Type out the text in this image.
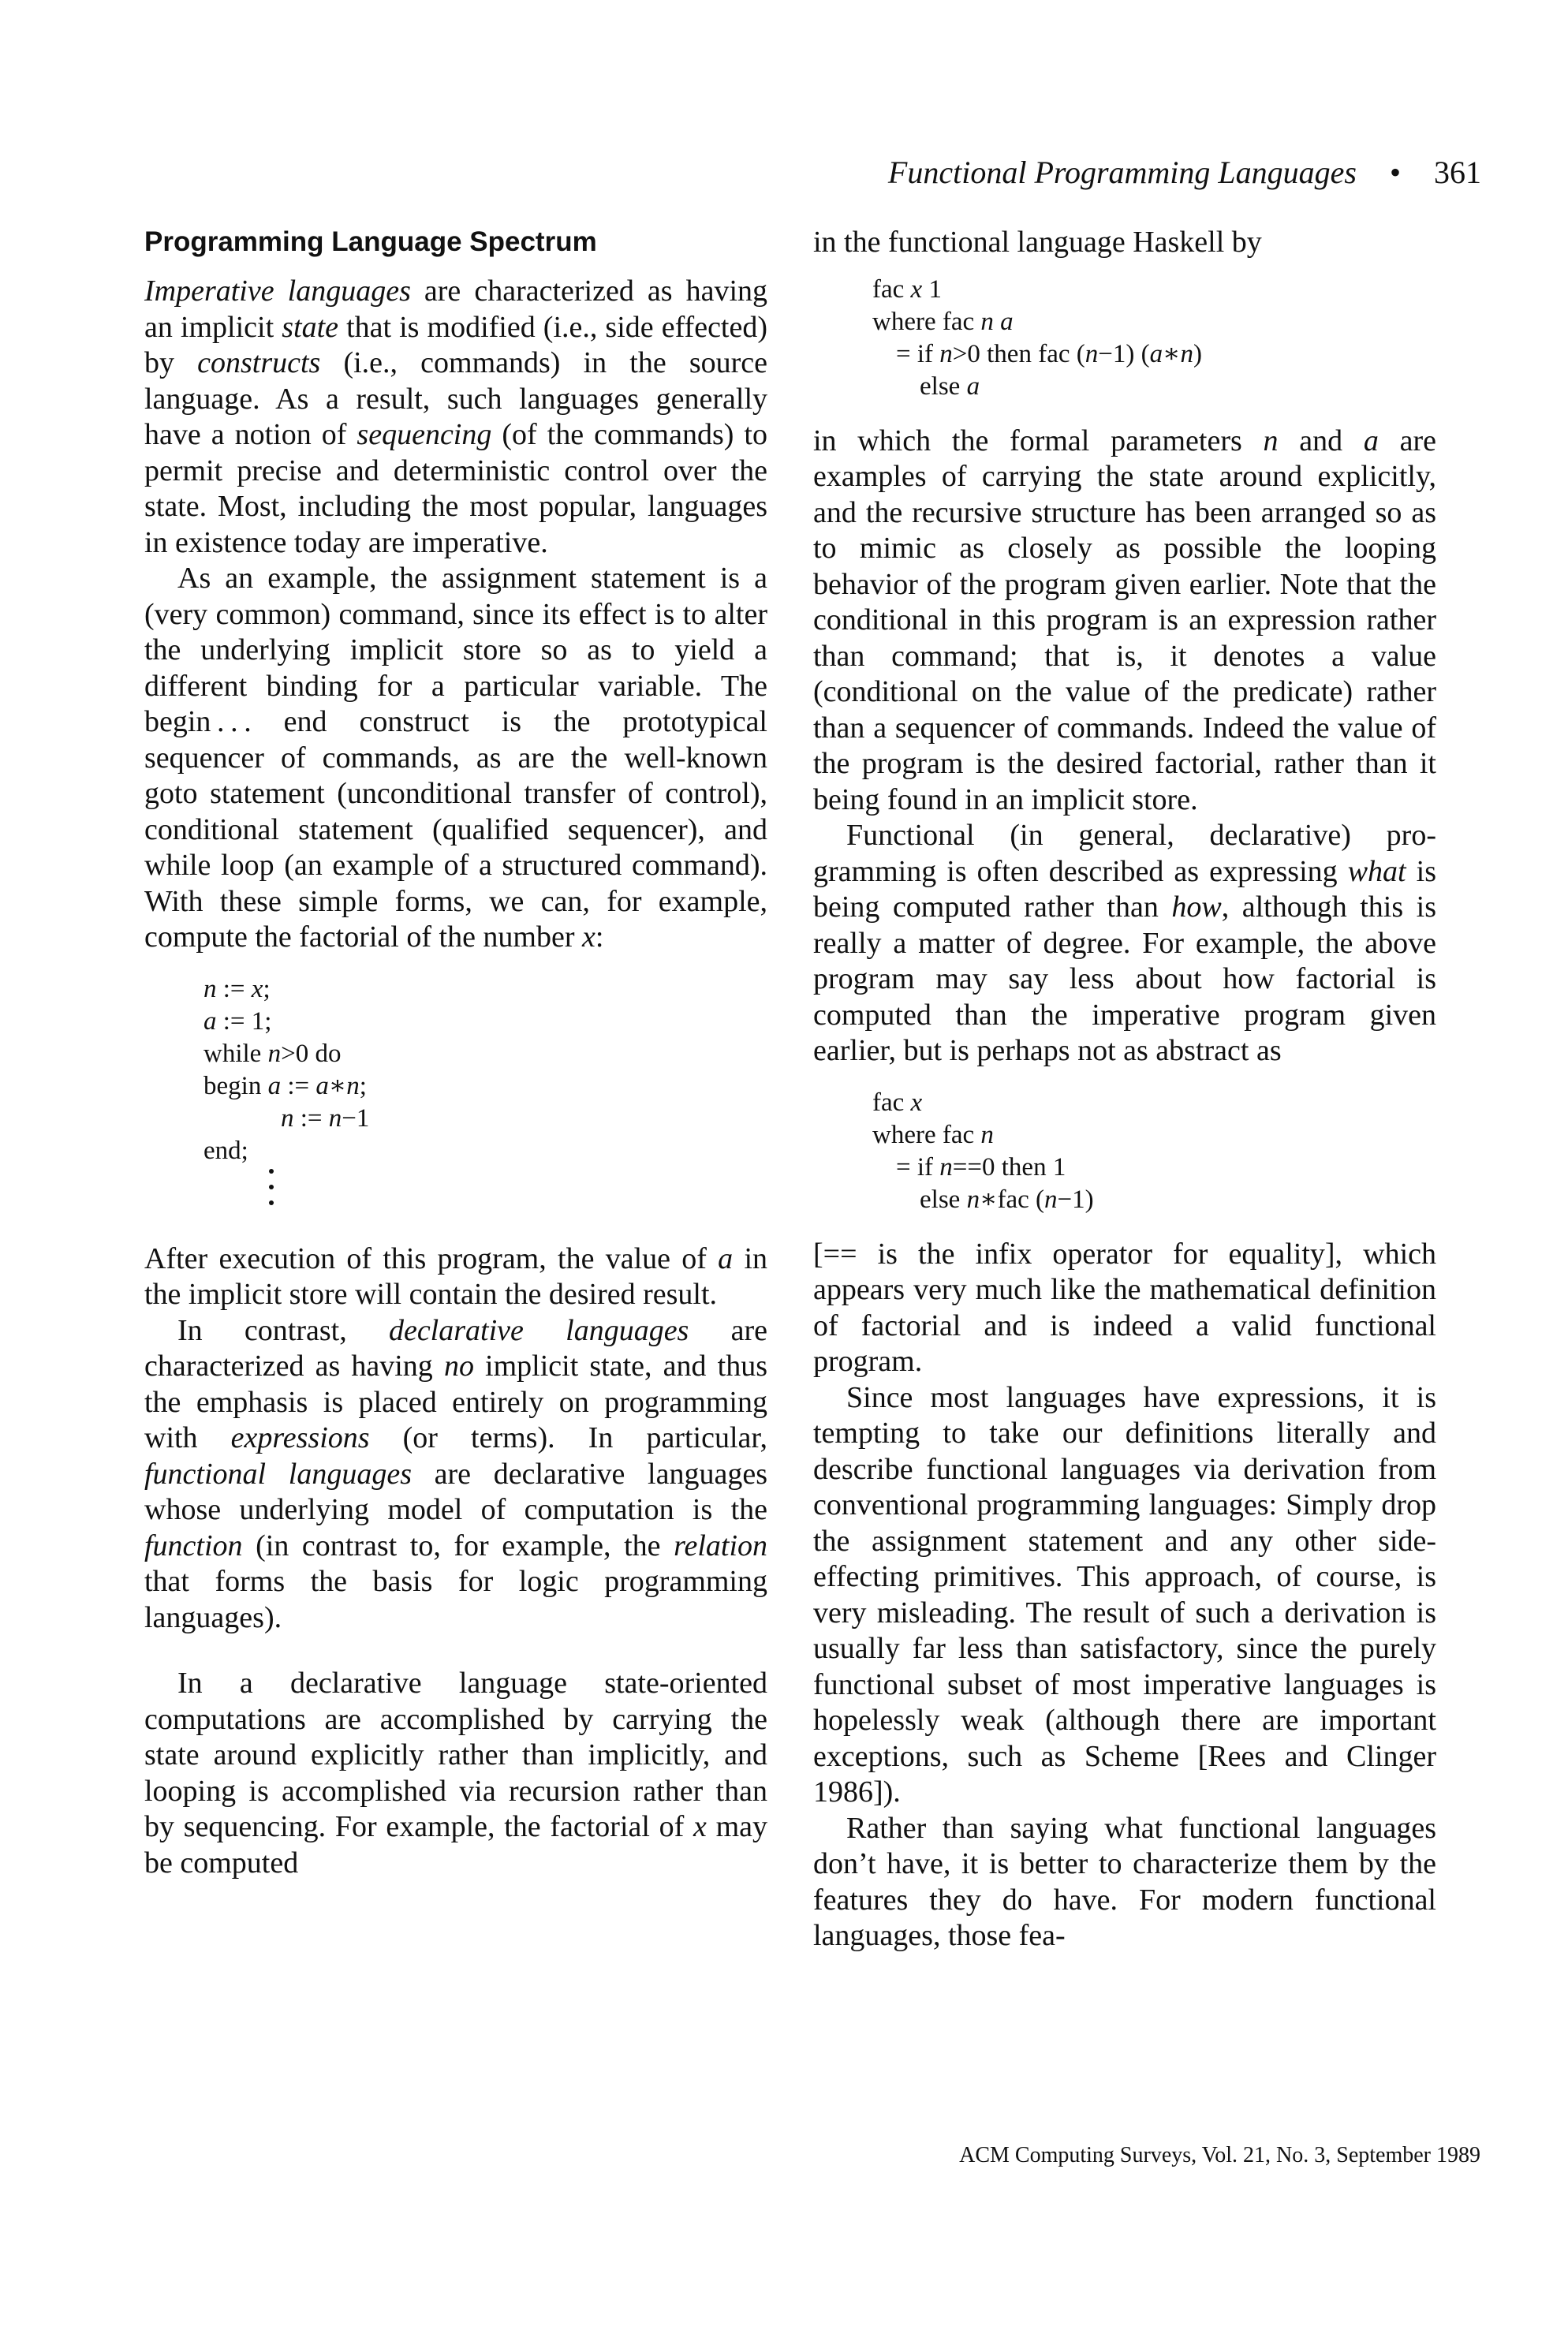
Functional Programming Languages • 361
Programming Language Spectrum

Imperative languages are characterized as having an implicit state that is modified (i.e., side effected) by constructs (i.e., commands) in the source language. As a result, such languages generally have a notion of sequencing (of the commands) to permit precise and deterministic control over the state. Most, including the most popular, languages in existence today are imperative.

As an example, the assignment statement is a (very common) command, since its effect is to alter the underlying implicit store so as to yield a different binding for a particular variable. The begin . . . end construct is the prototypical sequencer of commands, as are the well-known goto statement (unconditional transfer of control), conditional statement (qualified sequencer), and while loop (an example of a structured command). With these simple forms, we can, for example, compute the factorial of the number x:

n := x;
a := 1;
while n>0 do
begin a := a∗n;
n := n−1
end;

After execution of this program, the value of a in the implicit store will contain the desired result.

In contrast, declarative languages are characterized as having no implicit state, and thus the emphasis is placed entirely on programming with expressions (or terms). In particular, functional languages are declarative languages whose underlying model of computation is the function (in contrast to, for example, the relation that forms the basis for logic programming languages).

In a declarative language state-oriented computations are accomplished by carrying the state around explicitly rather than implicitly, and looping is accomplished via recursion rather than by sequencing. For example, the factorial of x may be computed

in the functional language Haskell by

fac x 1
where fac n a
= if n>0 then fac (n−1) (a∗n)
else a

in which the formal parameters n and a are examples of carrying the state around explicitly, and the recursive structure has been arranged so as to mimic as closely as possible the looping behavior of the program given earlier. Note that the conditional in this program is an expression rather than command; that is, it denotes a value (conditional on the value of the predicate) rather than a sequencer of commands. Indeed the value of the program is the desired factorial, rather than it being found in an implicit store.

Functional (in general, declarative) programming is often described as expressing what is being computed rather than how, although this is really a matter of degree. For example, the above program may say less about how factorial is computed than the imperative program given earlier, but is perhaps not as abstract as

fac x
where fac n
= if n==0 then 1
else n∗fac (n−1)

[== is the infix operator for equality], which appears very much like the mathematical definition of factorial and is indeed a valid functional program.

Since most languages have expressions, it is tempting to take our definitions literally and describe functional languages via derivation from conventional programming languages: Simply drop the assignment statement and any other side-effecting primitives. This approach, of course, is very misleading. The result of such a derivation is usually far less than satisfactory, since the purely functional subset of most imperative languages is hopelessly weak (although there are important exceptions, such as Scheme [Rees and Clinger 1986]).

Rather than saying what functional languages don’t have, it is better to characterize them by the features they do have. For modern functional languages, those fea-

ACM Computing Surveys, Vol. 21, No. 3, September 1989
